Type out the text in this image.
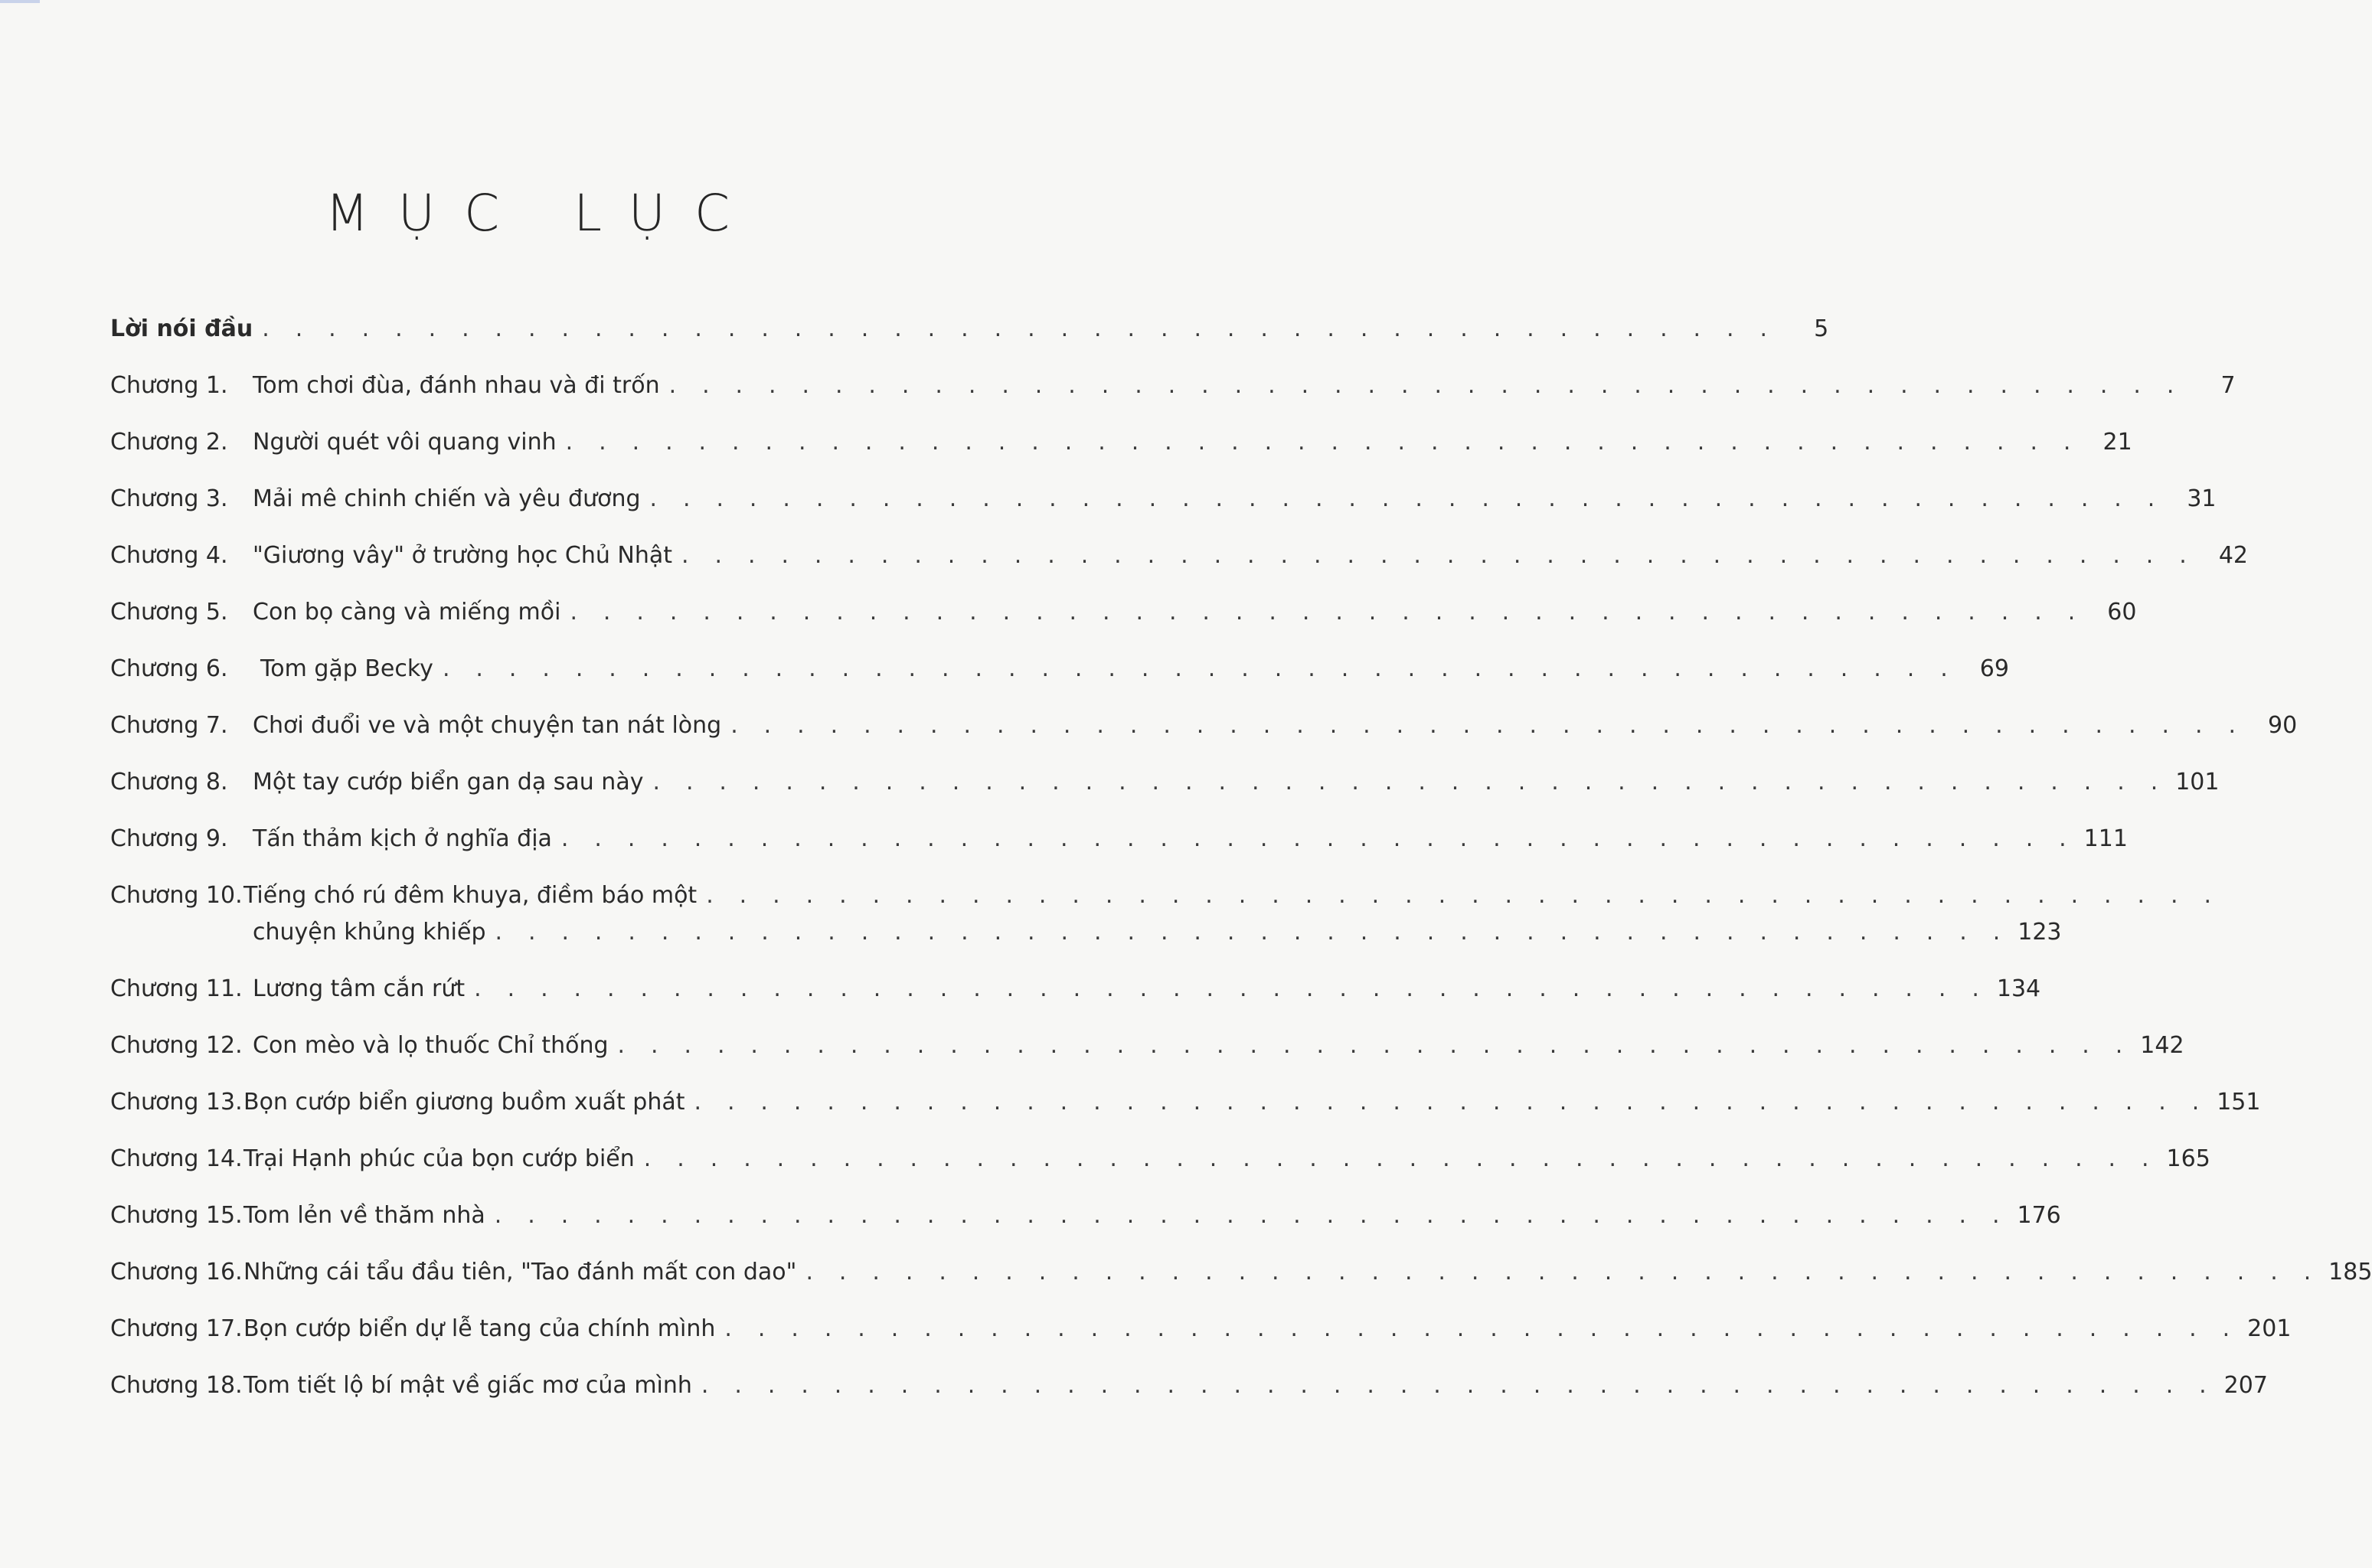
MỤC LỤC
Lời nói đầu . . . . . . . . . . . . . . . . . . . . . . . . . . . . . . . . . . . . . . . . . . . . . .	5
Chương 1. Tom chơi đùa, đánh nhau và đi trốn . . . . . . . . . . . . . . . . . . . . . . . . . . . . . . . . . . . . . . . . . . . . . .	7
Chương 2. Người quét vôi quang vinh . . . . . . . . . . . . . . . . . . . . . . . . . . . . . . . . . . . . . . . . . . . . . . 21
Chương 3. Mải mê chinh chiến và yêu đương . . . . . . . . . . . . . . . . . . . . . . . . . . . . . . . . . . . . . . . . . . . . . . 31
Chương 4. "Giương vây" ở trường học Chủ Nhật . . . . . . . . . . . . . . . . . . . . . . . . . . . . . . . . . . . . . . . . . . . . . . 42
Chương 5. Con bọ càng và miếng mồi . . . . . . . . . . . . . . . . . . . . . . . . . . . . . . . . . . . . . . . . . . . . . . 60
Chương 6. Tom gặp Becky . . . . . . . . . . . . . . . . . . . . . . . . . . . . . . . . . . . . . . . . . . . . . . 69
Chương 7. Chơi đuổi ve và một chuyện tan nát lòng . . . . . . . . . . . . . . . . . . . . . . . . . . . . . . . . . . . . . . . . . . . . . . 90
Chương 8. Một tay cướp biển gan dạ sau này . . . . . . . . . . . . . . . . . . . . . . . . . . . . . . . . . . . . . . . . . . . . . . 101
Chương 9. Tấn thảm kịch ở nghĩa địa . . . . . . . . . . . . . . . . . . . . . . . . . . . . . . . . . . . . . . . . . . . . . . 111
Chương 10.Tiếng chó rú đêm khuya, điềm báo một . . . . . . . . . . . . . . . . . . . . . . . . . . . . . . . . . . . . . . . . . . . . . .
chuyện khủng khiếp . . . . . . . . . . . . . . . . . . . . . . . . . . . . . . . . . . . . . . . . . . . . . . 123
Chương 11. Lương tâm cắn rứt . . . . . . . . . . . . . . . . . . . . . . . . . . . . . . . . . . . . . . . . . . . . . . 134
Chương 12. Con mèo và lọ thuốc Chỉ thống . . . . . . . . . . . . . . . . . . . . . . . . . . . . . . . . . . . . . . . . . . . . . . 142
Chương 13.Bọn cướp biển giương buồm xuất phát . . . . . . . . . . . . . . . . . . . . . . . . . . . . . . . . . . . . . . . . . . . . . . 151
Chương 14.Trại Hạnh phúc của bọn cướp biển . . . . . . . . . . . . . . . . . . . . . . . . . . . . . . . . . . . . . . . . . . . . . . 165
Chương 15.Tom lẻn về thăm nhà . . . . . . . . . . . . . . . . . . . . . . . . . . . . . . . . . . . . . . . . . . . . . . 176
Chương 16.Những cái tẩu đầu tiên, "Tao đánh mất con dao" . . . . . . . . . . . . . . . . . . . . . . . . . . . . . . . . . . . . . . . . . . . . . . 185
Chương 17.Bọn cướp biển dự lễ tang của chính mình . . . . . . . . . . . . . . . . . . . . . . . . . . . . . . . . . . . . . . . . . . . . . . 201
Chương 18.Tom tiết lộ bí mật về giấc mơ của mình . . . . . . . . . . . . . . . . . . . . . . . . . . . . . . . . . . . . . . . . . . . . . . 207
